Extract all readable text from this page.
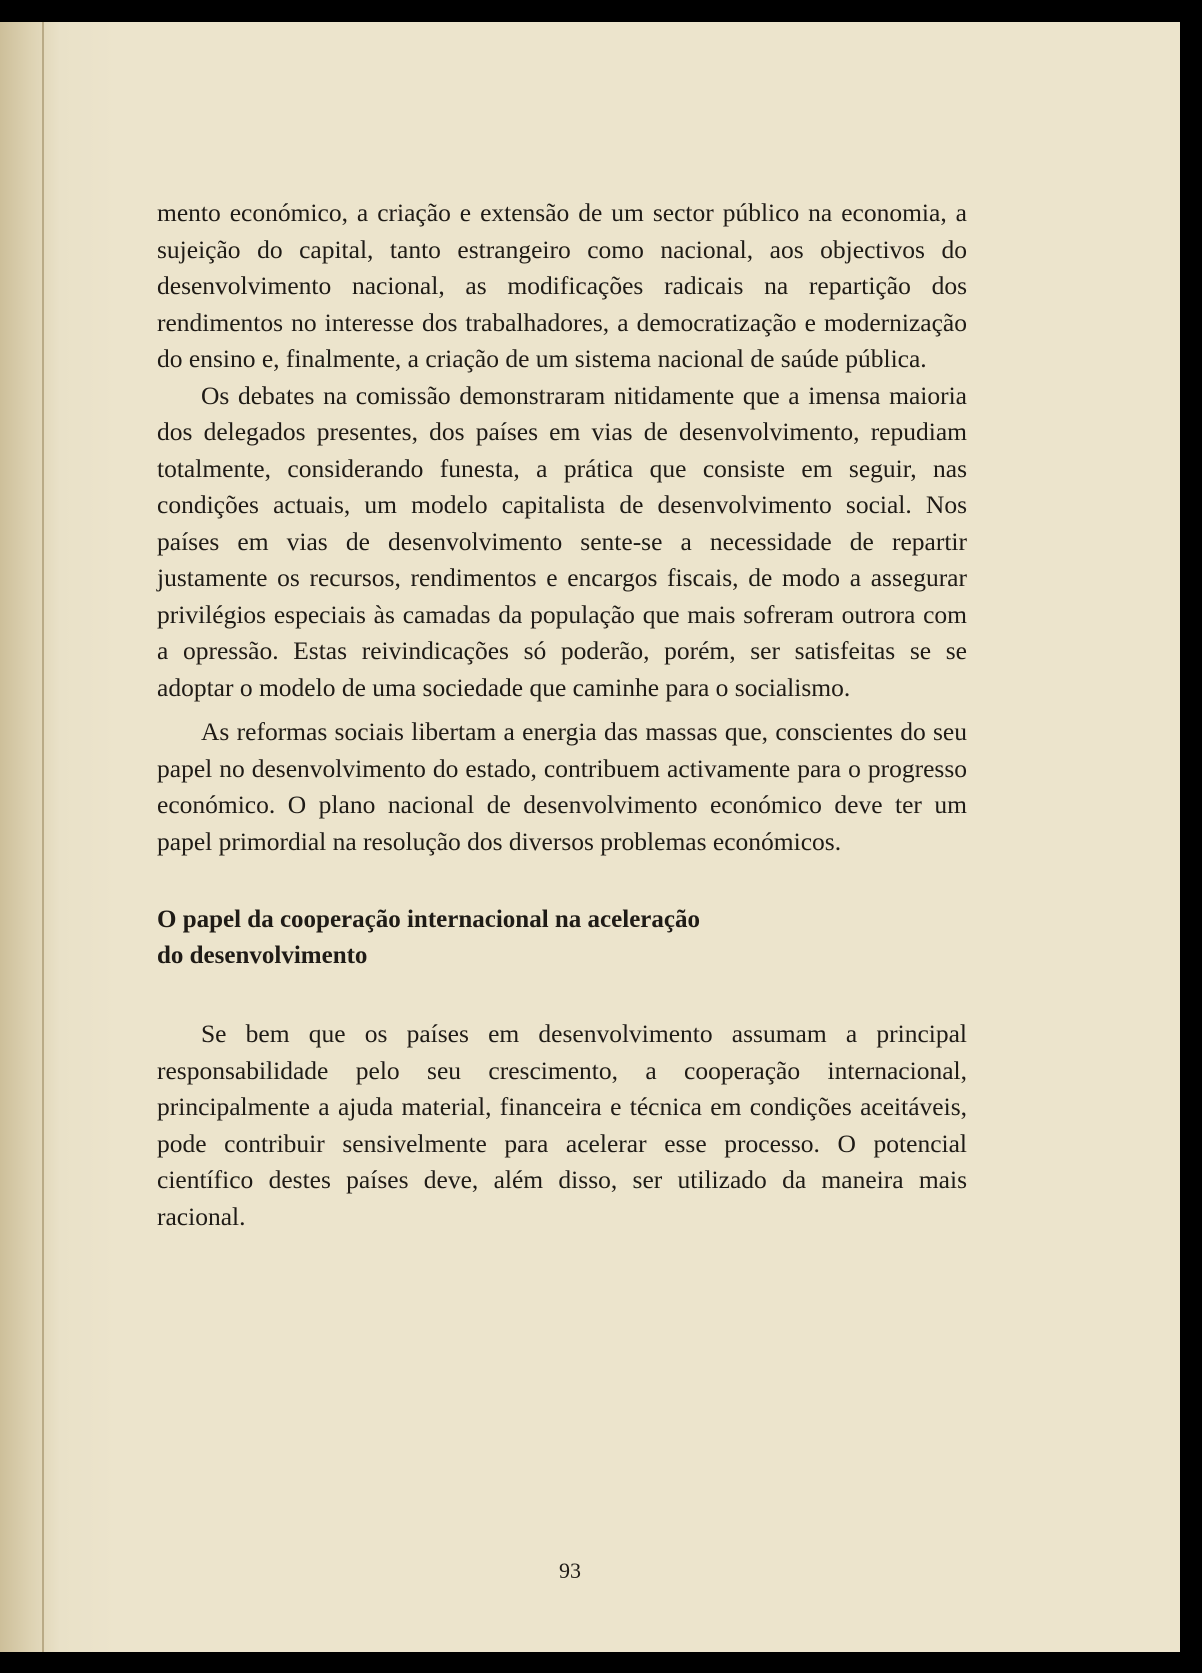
mento económico, a criação e extensão de um sector público na economia, a sujeição do capital, tanto estrangeiro como nacional, aos objectivos do desenvolvimento nacional, as modificações radicais na repartição dos rendimentos no interesse dos trabalhadores, a democratização e modernização do ensino e, finalmente, a criação de um sistema nacional de saúde pública.

Os debates na comissão demonstraram nitidamente que a imensa maioria dos delegados presentes, dos países em vias de desenvolvimento, repudiam totalmente, considerando funesta, a prática que consiste em seguir, nas condições actuais, um modelo capitalista de desenvolvimento social. Nos países em vias de desenvolvimento sente-se a necessidade de repartir justamente os recursos, rendimentos e encargos fiscais, de modo a assegurar privilégios especiais às camadas da população que mais sofreram outrora com a opressão. Estas reivindicações só poderão, porém, ser satisfeitas se se adoptar o modelo de uma sociedade que caminhe para o socialismo.

As reformas sociais libertam a energia das massas que, conscientes do seu papel no desenvolvimento do estado, contribuem activamente para o progresso económico. O plano nacional de desenvolvimento económico deve ter um papel primordial na resolução dos diversos problemas económicos.

O papel da cooperação internacional na aceleração

do desenvolvimento

Se bem que os países em desenvolvimento assumam a principal responsabilidade pelo seu crescimento, a cooperação internacional, principalmente a ajuda material, financeira e técnica em condições aceitáveis, pode contribuir sensivelmente para acelerar esse processo. O potencial científico destes países deve, além disso, ser utilizado da maneira mais racional.

93
